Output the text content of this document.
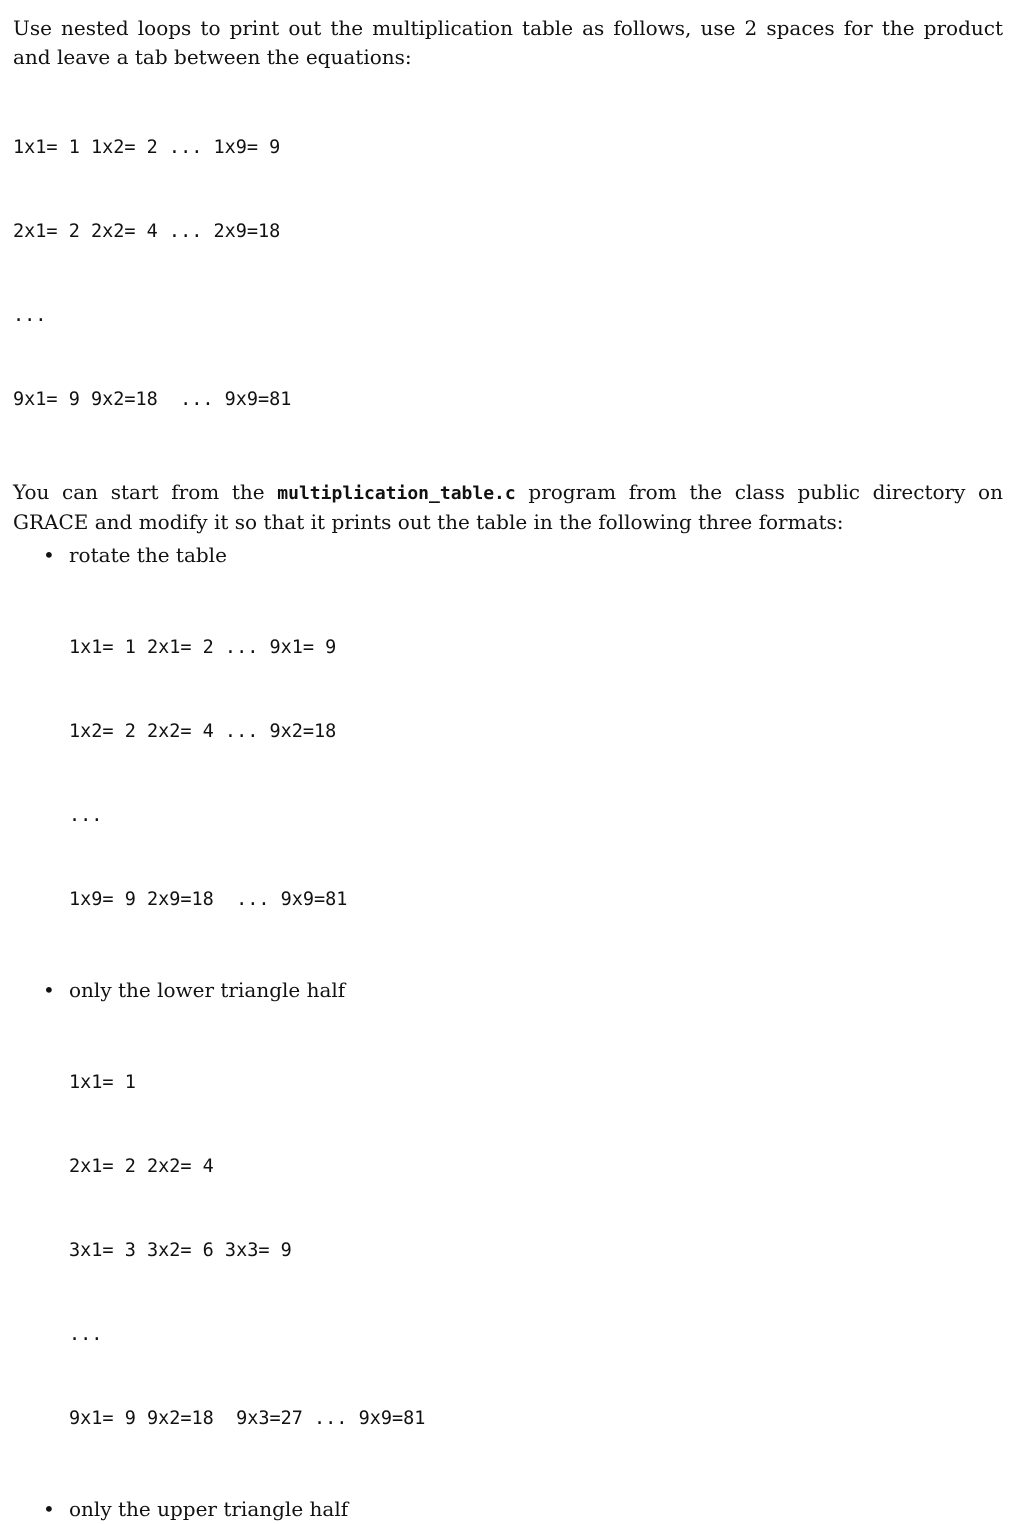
Use nested loops to print out the multiplication table as follows, use 2 spaces for the product and leave a tab between the equations:

1x1= 1 1x2= 2 ... 1x9= 9

2x1= 2 2x2= 4 ... 2x9=18

...

9x1= 9 9x2=18  ... 9x9=81

You can start from the multiplication_table.c program from the class public directory on GRACE and modify it so that it prints out the table in the following three formats:

• rotate the table

1x1= 1 2x1= 2 ... 9x1= 9

1x2= 2 2x2= 4 ... 9x2=18

...

1x9= 9 2x9=18  ... 9x9=81

• only the lower triangle half

1x1= 1

2x1= 2 2x2= 4

3x1= 3 3x2= 6 3x3= 9

...

9x1= 9 9x2=18  9x3=27 ... 9x9=81

• only the upper triangle half
